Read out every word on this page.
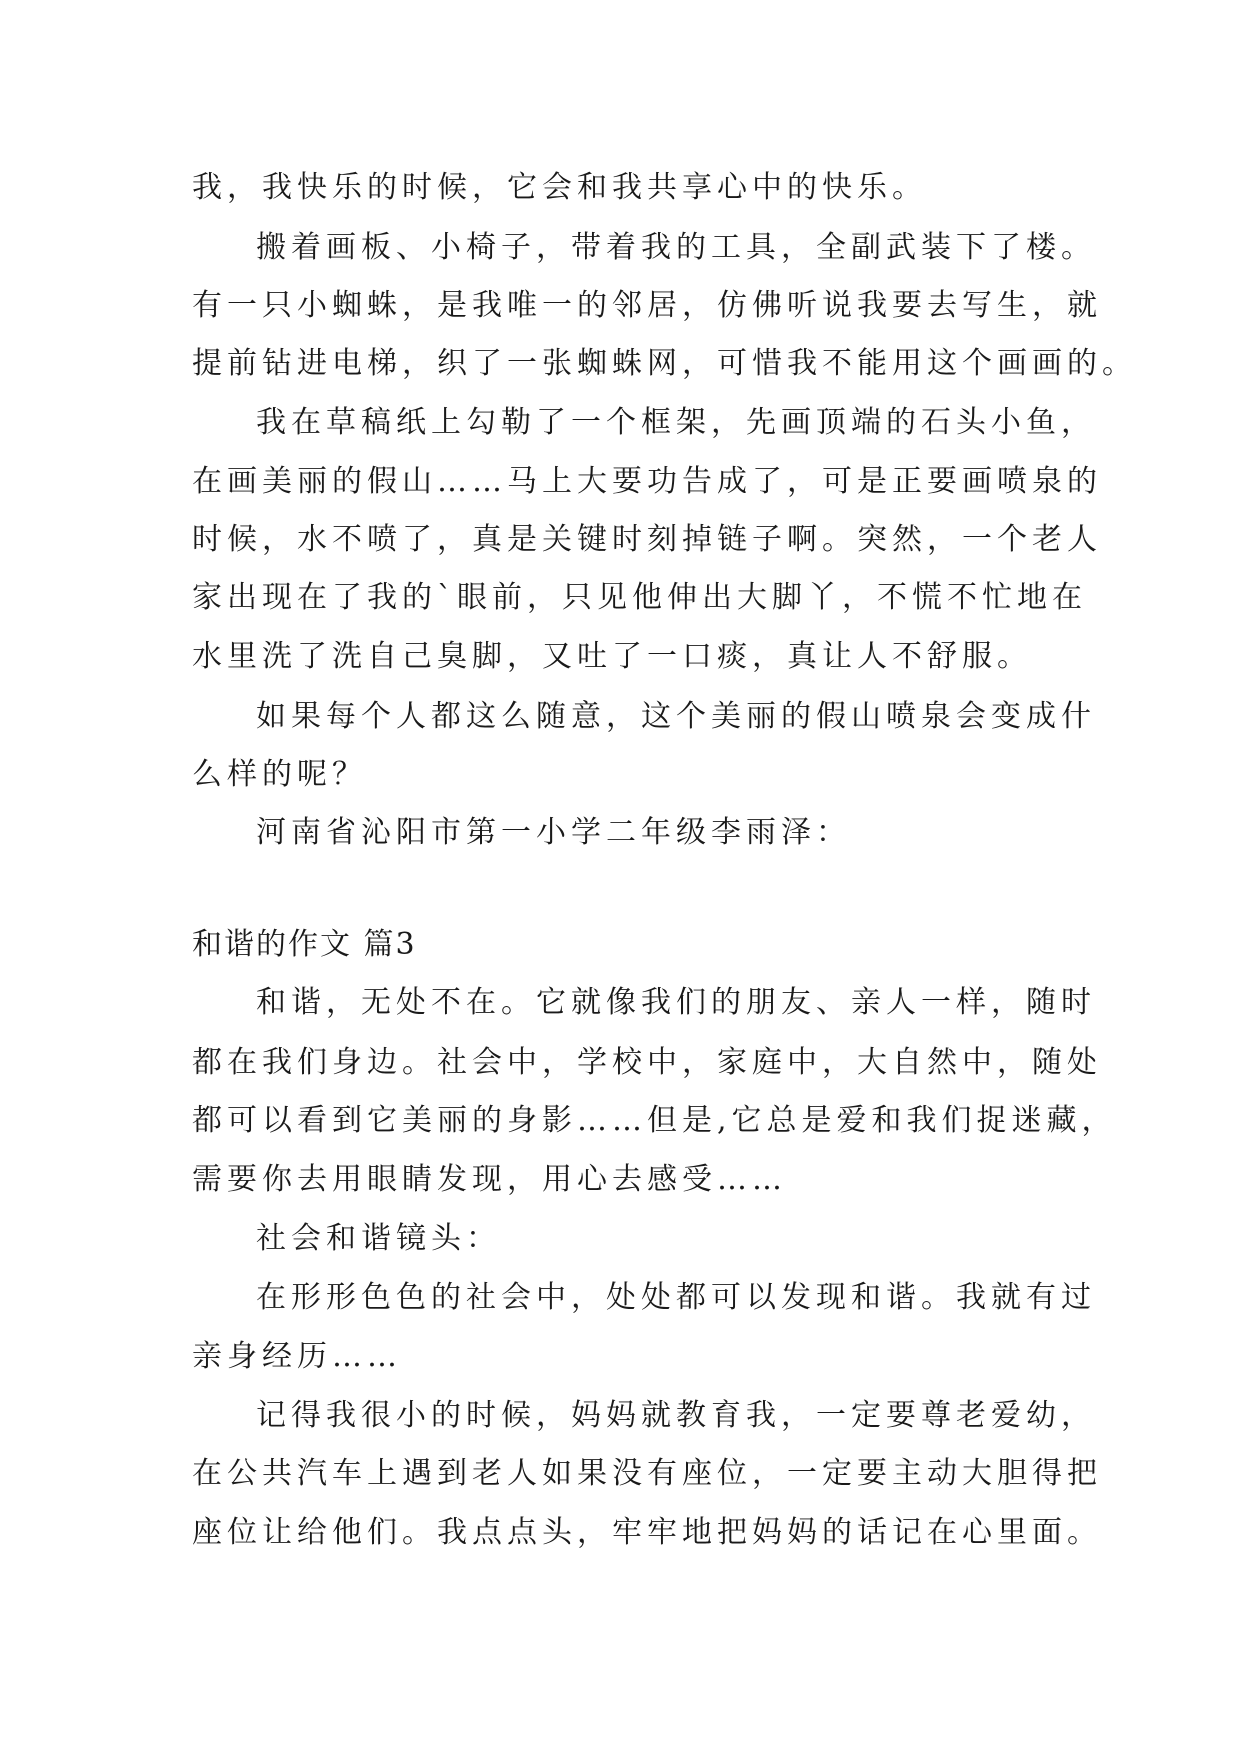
我，我快乐的时候，它会和我共享心中的快乐。
搬着画板、小椅子，带着我的工具，全副武装下了楼。
有一只小蜘蛛，是我唯一的邻居，仿佛听说我要去写生，就
提前钻进电梯，织了一张蜘蛛网，可惜我不能用这个画画的。
我在草稿纸上勾勒了一个框架，先画顶端的石头小鱼，
在画美丽的假山……马上大要功告成了，可是正要画喷泉的
时候，水不喷了，真是关键时刻掉链子啊。突然，一个老人
家出现在了我的`眼前，只见他伸出大脚丫，不慌不忙地在
水里洗了洗自己臭脚，又吐了一口痰，真让人不舒服。
如果每个人都这么随意，这个美丽的假山喷泉会变成什
么样的呢？
河南省沁阳市第一小学二年级李雨泽：
和谐的作文 篇3
和谐，无处不在。它就像我们的朋友、亲人一样，随时
都在我们身边。社会中，学校中，家庭中，大自然中，随处
都可以看到它美丽的身影……但是,它总是爱和我们捉迷藏，
需要你去用眼睛发现，用心去感受……
社会和谐镜头：
在形形色色的社会中，处处都可以发现和谐。我就有过
亲身经历……
记得我很小的时候，妈妈就教育我，一定要尊老爱幼，
在公共汽车上遇到老人如果没有座位，一定要主动大胆得把
座位让给他们。我点点头，牢牢地把妈妈的话记在心里面。
